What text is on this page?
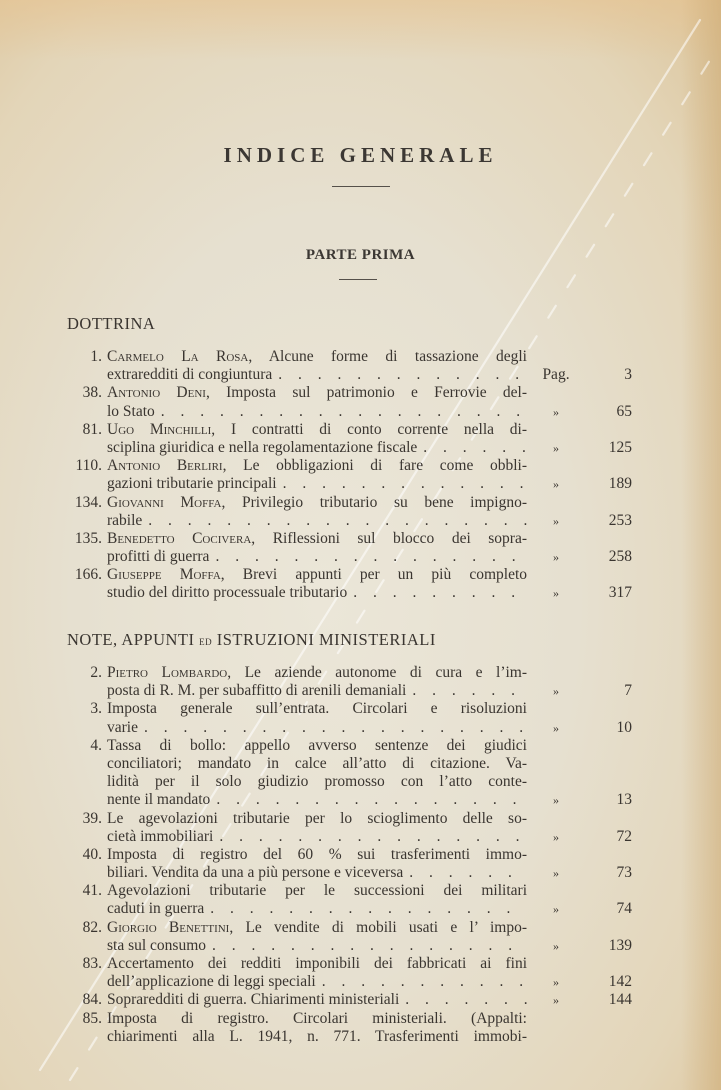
INDICE GENERALE
PARTE PRIMA
DOTTRINA
1. Carmelo La Rosa, Alcune forme di tassazione degli
extraredditi di congiuntura . . .	Pag.	3
38. Antonio Deni, Imposta sul patrimonio e Ferrovie del-
lo Stato . . .	»	65
81. Ugo Minchilli, I contratti di conto corrente nella di-
sciplina giuridica e nella regolamentazione fiscale . . .	»	125
110. Antonio Berliri, Le obbligazioni di fare come obbli-
gazioni tributarie principali . . .	»	189
134. Giovanni Moffa, Privilegio tributario su bene impigno-
rabile . . .	»	253
135. Benedetto Cocivera, Riflessioni sul blocco dei sopra-
profitti di guerra . . .	»	258
166. Giuseppe Moffa, Brevi appunti per un più completo
studio del diritto processuale tributario . . .	»	317
NOTE, APPUNTI ed ISTRUZIONI MINISTERIALI
2. Pietro Lombardo, Le aziende autonome di cura e l’im-
posta di R. M. per subaffitto di arenili demaniali . . .	»	7
3. Imposta generale sull’entrata. Circolari e risoluzioni
varie . . .	»	10
4. Tassa di bollo: appello avverso sentenze dei giudici
conciliatori; mandato in calce all’atto di citazione. Va-
lidità per il solo giudizio promosso con l’atto conte-
nente il mandato . . .	»	13
39. Le agevolazioni tributarie per lo scioglimento delle so-
cietà immobiliari . . .	»	72
40. Imposta di registro del 60 % sui trasferimenti immo-
biliari. Vendita da una a più persone e viceversa . . .	»	73
41. Agevolazioni tributarie per le successioni dei militari
caduti in guerra . . .	»	74
82. Giorgio Benettini, Le vendite di mobili usati e l’ impo-
sta sul consumo . . .	»	139
83. Accertamento dei redditi imponibili dei fabbricati ai fini
dell’applicazione di leggi speciali . . .	»	142
84. Sopraredditi di guerra. Chiarimenti ministeriali . . .	»	144
85. Imposta di registro. Circolari ministeriali. (Appalti:
chiarimenti alla L. 1941, n. 771. Trasferimenti immobi-
